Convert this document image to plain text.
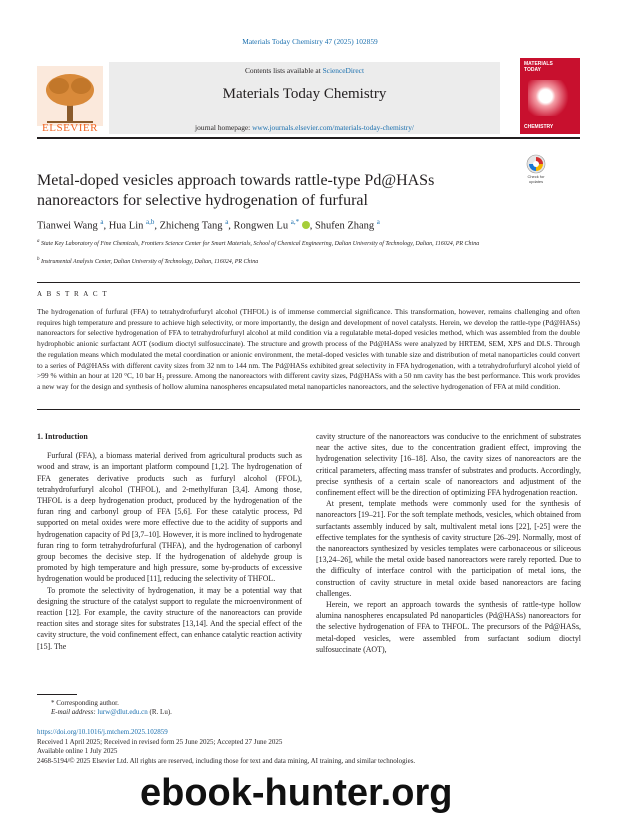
Materials Today Chemistry 47 (2025) 102859
Contents lists available at ScienceDirect
Materials Today Chemistry
journal homepage: www.journals.elsevier.com/materials-today-chemistry/
ELSEVIER
MATERIALS
TODAY
CHEMISTRY
Metal-doped vesicles approach towards rattle-type Pd@HASs nanoreactors for selective hydrogenation of furfural
Check for updates
Tianwei Wang $^a$, Hua Lin $^{a,b}$, Zhicheng Tang $^a$, Rongwen Lu $^{a,*}$ , Shufen Zhang $^a$
$^a$ State Key Laboratory of Fine Chemicals, Frontiers Science Center for Smart Materials, School of Chemical Engineering, Dalian University of Technology, Dalian, 116024, PR China
$^b$ Instrumental Analysis Center, Dalian University of Technology, Dalian, 116024, PR China
A B S T R A C T
The hydrogenation of furfural (FFA) to tetrahydrofurfuryl alcohol (THFOL) is of immense commercial significance. This transformation, however, remains challenging and often requires high temperature and pressure to achieve high selectivity, or more importantly, the design and development of novel catalysts. Herein, we develop the rattle-type (Pd@HASs) nanoreactors for selective hydrogenation of FFA to tetrahydrofurfuryl alcohol at mild condition via a regulatable metal-doped vesicles method, which was assembled from the double hydrophobic anionic surfactant AOT (sodium dioctyl sulfosuccinate). The structure and growth process of the Pd@HASs were analyzed by HRTEM, SEM, XPS and DLS. Through the regulation means which modulated the metal coordination or anionic environment, the metal-doped vesicles with tunable size and distribution of metal nanoparticles could convert to a series of Pd@HASs with different cavity sizes from 32 nm to 144 nm. The Pd@HASs exhibited great selectivity in FFA hydrogenation, with a tetrahydrofurfuryl alcohol yield of >99 % within an hour at 120 °C, 10 bar H₂ pressure. Among the nanoreactors with different cavity sizes, Pd@HASs with a 50 nm cavity has the best performance. This work provides a new way for the design and synthesis of hollow alumina nanospheres encapsulated metal nanoparticles nanoreactors, and the selective hydrogenation of FFA at mild condition.

1. Introduction

Furfural (FFA), a biomass material derived from agricultural products such as wood and straw, is an important platform compound [1,2]. The hydrogenation of FFA generates derivative products such as furfuryl alcohol (FFOL), tetrahydrofurfuryl alcohol (THFOL), and 2-methylfuran [3,4]. Among those, THFOL is a deep hydrogenation product, produced by the hydrogenation of the furan ring and carbonyl group of FFA [5,6]. For these catalytic process, Pd supported on metal oxides were more effective due to the acidity of supports and hydrogenation capacity of Pd [3,7–10]. However, it is more inclined to hydrogenate furan ring to form tetrahydrofurfural (THFA), and the hydrogenation of carbonyl group becomes the decisive step. If the hydrogenation of aldehyde group is promoted by high temperature and high pressure, some by-products of excessive hydrogenation would be produced [11], reducing the selectivity of THFOL.

To promote the selectivity of hydrogenation, it may be a potential way that designing the structure of the catalyst support to regulate the microenvironment of reaction [12]. For example, the cavity structure of the nanoreactors can provide reaction sites and storage sites for substrates [13,14]. And the special effect of the cavity structure, the void confinement effect, can enhance catalytic reaction activity [15]. The

cavity structure of the nanoreactors was conducive to the enrichment of substrates near the active sites, due to the concentration gradient effect, improving the hydrogenation selectivity [16–18]. Also, the cavity sizes of nanoreactors are the critical parameters, affecting mass transfer of substrates and products. Accordingly, precise synthesis of a certain scale of nanoreactors and adjustment of the confinement effect will be the direction of optimizing FFA hydrogenation reaction.

At present, template methods were commonly used for the synthesis of nanoreactors [19–21]. For the soft template methods, vesicles, which obtained from surfactants assembly induced by salt, multivalent metal ions [22], [-25] were the effective templates for the synthesis of cavity structure [26–29]. Normally, most of the nanoreactors synthesized by vesicles templates were carbonaceous or siliceous [13,24–26], while the metal oxide based nanoreactors were rarely reported. Due to the difficulty of interface control with the participation of metal ions, the construction of cavity structure in metal oxide based nanoreactors are facing challenges.

Herein, we report an approach towards the synthesis of rattle-type hollow alumina nanospheres encapsulated Pd nanoparticles (Pd@HASs) nanoreactors for the selective hydrogenation of FFA to THFOL. The precursors of the Pd@HASs, metal-doped vesicles, were assembled from surfactant sodium dioctyl sulfosuccinate (AOT),

* Corresponding author.
E-mail address: lurw@dlut.edu.cn (R. Lu).
https://doi.org/10.1016/j.mtchem.2025.102859
Received 1 April 2025; Received in revised form 25 June 2025; Accepted 27 June 2025
Available online 1 July 2025
2468-5194/© 2025 Elsevier Ltd. All rights are reserved, including those for text and data mining, AI training, and similar technologies.
ebook-hunter.org
